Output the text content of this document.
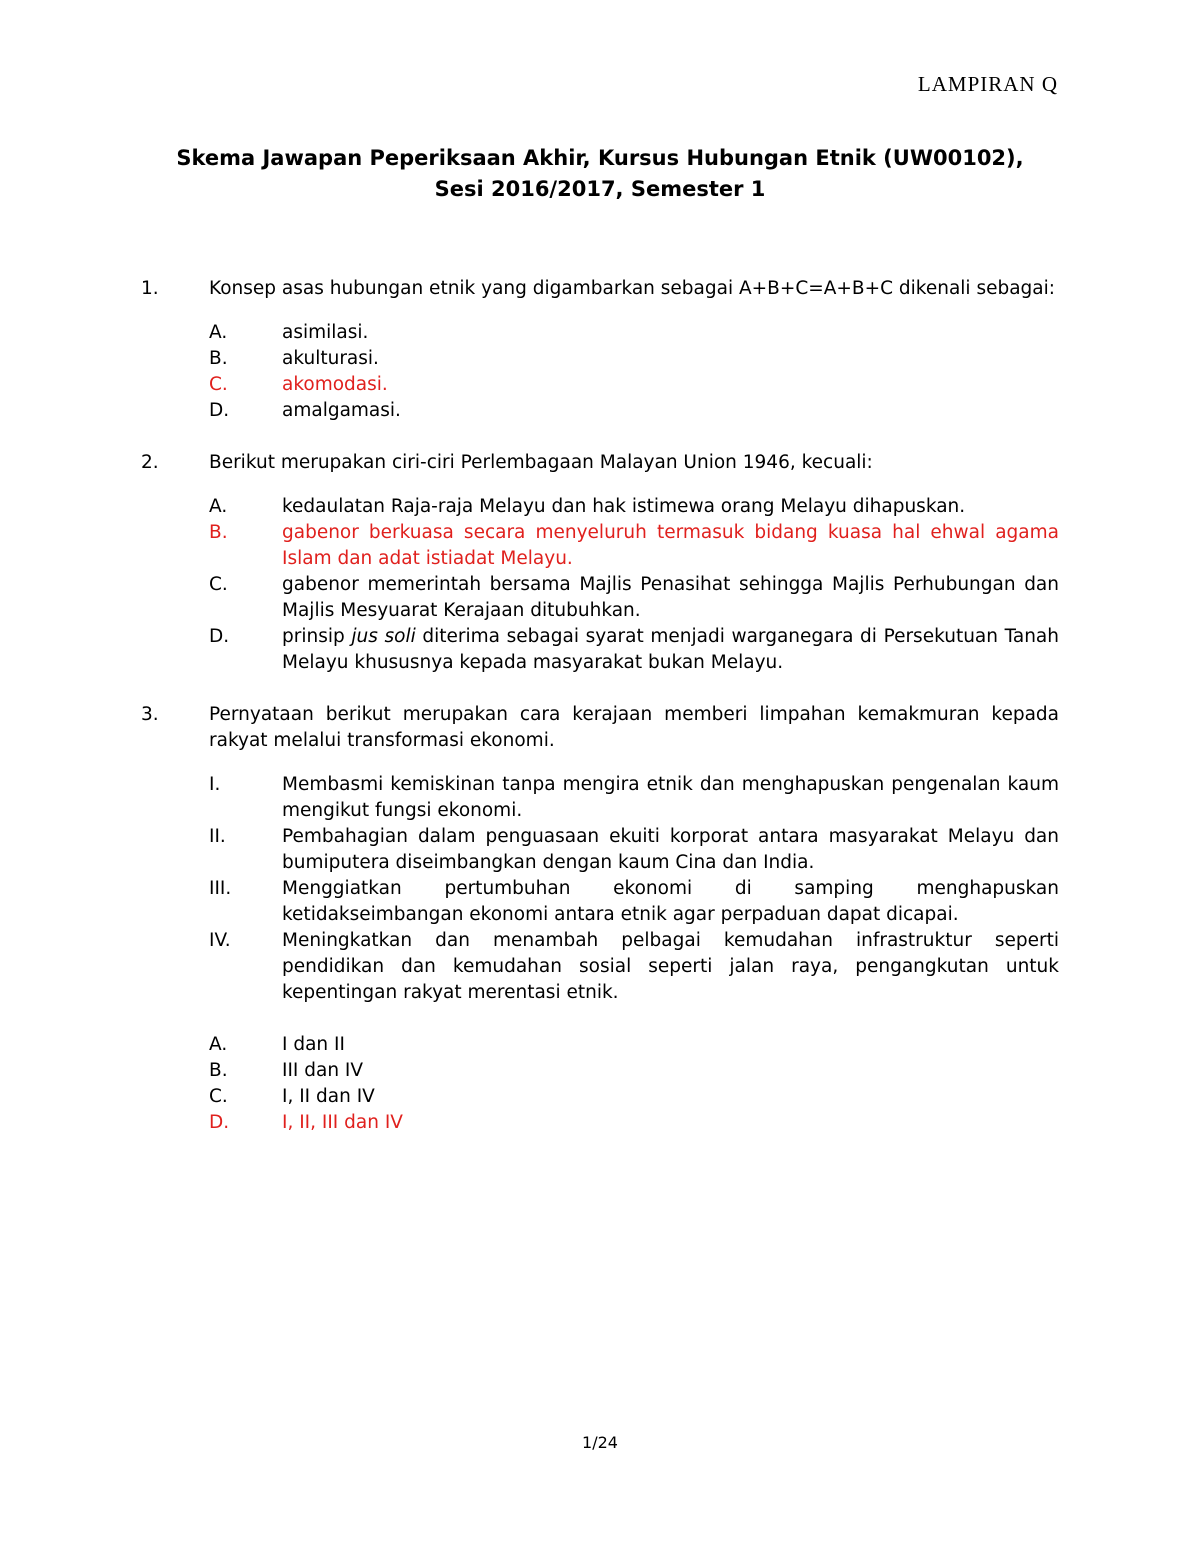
LAMPIRAN Q
Skema Jawapan Peperiksaan Akhir, Kursus Hubungan Etnik (UW00102),
Sesi 2016/2017, Semester 1
1.	Konsep asas hubungan etnik yang digambarkan sebagai A+B+C=A+B+C dikenali sebagai:
A.	asimilasi.
B.	akulturasi.
C.	akomodasi.
D.	amalgamasi.
2.	Berikut merupakan ciri-ciri Perlembagaan Malayan Union 1946, kecuali:
A.	kedaulatan Raja-raja Melayu dan hak istimewa orang Melayu dihapuskan.
B.	gabenor berkuasa secara menyeluruh termasuk bidang kuasa hal ehwal agama Islam dan adat istiadat Melayu.
C.	gabenor memerintah bersama Majlis Penasihat sehingga Majlis Perhubungan dan Majlis Mesyuarat Kerajaan ditubuhkan.
D.	prinsip jus soli diterima sebagai syarat menjadi warganegara di Persekutuan Tanah Melayu khususnya kepada masyarakat bukan Melayu.
3.	Pernyataan berikut merupakan cara kerajaan memberi limpahan kemakmuran kepada rakyat melalui transformasi ekonomi.
I.	Membasmi kemiskinan tanpa mengira etnik dan menghapuskan pengenalan kaum mengikut fungsi ekonomi.
II.	Pembahagian dalam penguasaan ekuiti korporat antara masyarakat Melayu dan bumiputera diseimbangkan dengan kaum Cina dan India.
III.	Menggiatkan pertumbuhan ekonomi di samping menghapuskan ketidakseimbangan ekonomi antara etnik agar perpaduan dapat dicapai.
IV.	Meningkatkan dan menambah pelbagai kemudahan infrastruktur seperti pendidikan dan kemudahan sosial seperti jalan raya, pengangkutan untuk kepentingan rakyat merentasi etnik.
A.	I dan II
B.	III dan IV
C.	I, II dan IV
D.	I, II, III dan IV
1/24
